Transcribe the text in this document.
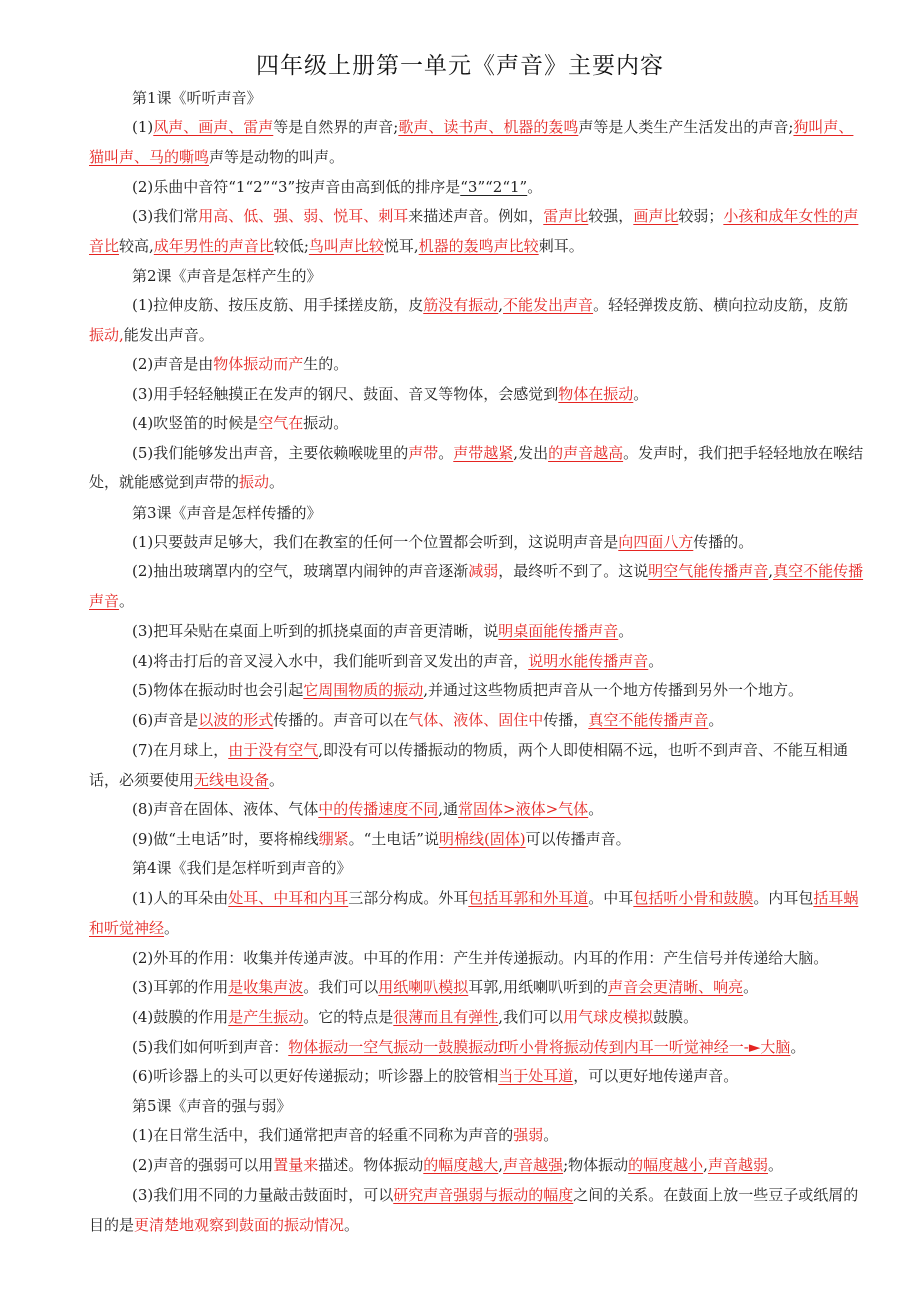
四年级上册第一单元《声音》主要内容
第1课《听听声音》
(1)风声、画声、雷声等是自然界的声音;歌声、读书声、机器的轰鸣声等是人类生产生活发出的声音;狗叫声、
猫叫声、马的嘶鸣声等是动物的叫声。
(2)乐曲中音符“1“2”“3”按声音由高到低的排序是“3”“2“1”。
(3)我们常用高、低、强、弱、悦耳、刺耳来描述声音。例如，雷声比较强，画声比较弱；小孩和成年女性的声
音比较高,成年男性的声音比较低;鸟叫声比较悦耳,机器的轰鸣声比较刺耳。
第2课《声音是怎样产生的》
(1)拉伸皮筋、按压皮筋、用手揉搓皮筋，皮筋没有振动,不能发出声音。轻轻弹拨皮筋、横向拉动皮筋，皮筋
振动,能发出声音。
(2)声音是由物体振动而产生的。
(3)用手轻轻触摸正在发声的钢尺、鼓面、音叉等物体，会感觉到物体在振动。
(4)吹竖笛的时候是空气在振动。
(5)我们能够发出声音，主要依赖喉咙里的声带。声带越紧,发出的声音越高。发声时，我们把手轻轻地放在喉结
处，就能感觉到声带的振动。
第3课《声音是怎样传播的》
(1)只要鼓声足够大，我们在教室的任何一个位置都会听到，这说明声音是向四面八方传播的。
(2)抽出玻璃罩内的空气，玻璃罩内闹钟的声音逐渐减弱，最终听不到了。这说明空气能传播声音,真空不能传播
声音。
(3)把耳朵贴在桌面上听到的抓挠桌面的声音更清晰，说明桌面能传播声音。
(4)将击打后的音叉浸入水中，我们能听到音叉发出的声音，说明水能传播声音。
(5)物体在振动时也会引起它周围物质的振动,并通过这些物质把声音从一个地方传播到另外一个地方。
(6)声音是以波的形式传播的。声音可以在气体、液体、固住中传播，真空不能传播声音。
(7)在月球上，由于没有空气,即没有可以传播振动的物质，两个人即使相隔不远，也听不到声音、不能互相通
话，必须要使用无线电设备。
(8)声音在固体、液体、气体中的传播速度不同,通常固体>液体>气体。
(9)做“土电话”时，要将棉线绷紧。“土电话”说明棉线(固体)可以传播声音。
第4课《我们是怎样听到声音的》
(1)人的耳朵由处耳、中耳和内耳三部分构成。外耳包括耳郭和外耳道。中耳包括听小骨和鼓膜。内耳包括耳蜗
和听觉神经。
(2)外耳的作用：收集并传递声波。中耳的作用：产生并传递振动。内耳的作用：产生信号并传递给大脑。
(3)耳郭的作用是收集声波。我们可以用纸喇叭模拟耳郭,用纸喇叭听到的声音会更清晰、响亮。
(4)鼓膜的作用是产生振动。它的特点是很薄而且有弹性,我们可以用气球皮模拟鼓膜。
(5)我们如何听到声音：物体振动一空气振动一鼓膜振动f听小骨将振动传到内耳一听觉神经一-►大脑。
(6)听诊器上的头可以更好传递振动；听诊器上的胶管相当于处耳道，可以更好地传递声音。
第5课《声音的强与弱》
(1)在日常生活中，我们通常把声音的轻重不同称为声音的强弱。
(2)声音的强弱可以用置量来描述。物体振动的幅度越大,声音越强;物体振动的幅度越小,声音越弱。
(3)我们用不同的力量敲击鼓面时，可以研究声音强弱与振动的幅度之间的关系。在鼓面上放一些豆子或纸屑的
目的是更清楚地观察到鼓面的振动情况。
